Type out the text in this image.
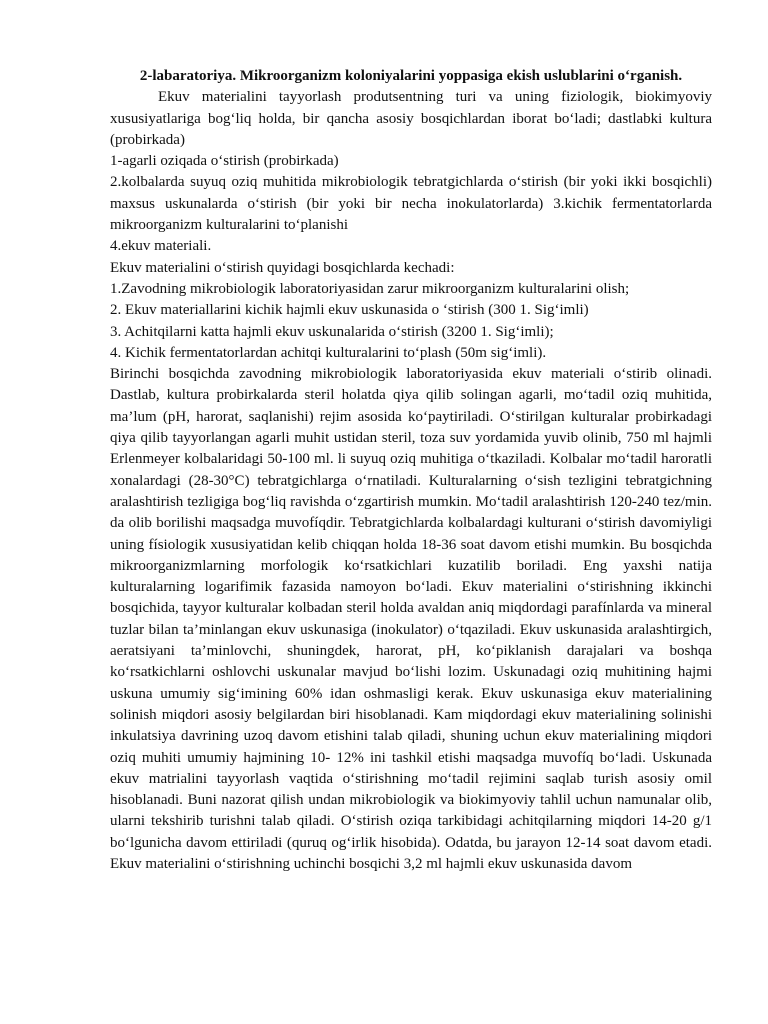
2-labaratoriya. Mikroorganizm koloniyalarini yoppasiga ekish uslublarini o‘rganish.

Ekuv materialini tayyorlash produtsentning turi va uning fiziologik, biokimyoviy xususiyatlariga bog‘liq holda, bir qancha asosiy bosqichlardan iborat bo‘ladi; dastlabki kultura (probirkada)

1-agarli oziqada o‘stirish (probirkada)

2.kolbalarda suyuq oziq muhitida mikrobiologik tebratgichlarda o‘stirish (bir yoki ikki bosqichli) maxsus uskunalarda o‘stirish (bir yoki bir necha inokulatorlarda) 3.kichik fermentatorlarda mikroorganizm kulturalarini to‘planishi

4.ekuv materiali.

Ekuv materialini o‘stirish quyidagi bosqichlarda kechadi:

1.Zavodning mikrobiologik laboratoriyasidan zarur mikroorganizm kulturalarini olish;

2. Ekuv materiallarini kichik hajmli ekuv uskunasida o ‘stirish (300 1. Sig‘imli)

3. Achitqilarni katta hajmli ekuv uskunalarida o‘stirish (3200 1. Sig‘imli);

4. Kichik fermentatorlardan achitqi kulturalarini to‘plash (50m sig‘imli).

Birinchi bosqichda zavodning mikrobiologik laboratoriyasida ekuv materiali o‘stirib olinadi. Dastlab, kultura probirkalarda steril holatda qiya qilib solingan agarli, mo‘tadil oziq muhitida, ma’lum (pH, harorat, saqlanishi) rejim asosida ko‘paytiriladi. O‘stirilgan kulturalar probirkadagi qiya qilib tayyorlangan agarli muhit ustidan steril, toza suv yordamida yuvib olinib, 750 ml hajmli Erlenmeyer kolbalaridagi 50-100 ml. li suyuq oziq muhitiga o‘tkaziladi. Kolbalar mo‘tadil haroratli xonalardagi (28-30°C) tebratgichlarga o‘rnatiladi. Kulturalarning o‘sish tezligini tebratgichning aralashtirish tezligiga bog‘liq ravishda o‘zgartirish mumkin. Mo‘tadil aralashtirish 120-240 tez/min. da olib borilishi maqsadga muvofíqdir. Tebratgichlarda kolbalardagi kulturani o‘stirish davomiyligi uning físiologik xususiyatidan kelib chiqqan holda 18-36 soat davom etishi mumkin. Bu bosqichda mikroorganizmlarning morfologik ko‘rsatkichlari kuzatilib boriladi. Eng yaxshi natija kulturalarning logarifimik fazasida namoyon bo‘ladi. Ekuv materialini o‘stirishning ikkinchi bosqichida, tayyor kulturalar kolbadan steril holda avaldan aniq miqdordagi parafínlarda va mineral tuzlar bilan ta’minlangan ekuv uskunasiga (inokulator) o‘tqaziladi. Ekuv uskunasida aralashtirgich, aeratsiyani ta’minlovchi, shuningdek, harorat, pH, ko‘piklanish darajalari va boshqa ko‘rsatkichlarni oshlovchi uskunalar mavjud bo‘lishi lozim. Uskunadagi oziq muhitining hajmi uskuna umumiy sig‘imining 60% idan oshmasligi kerak. Ekuv uskunasiga ekuv materialining solinish miqdori asosiy belgilardan biri hisoblanadi. Kam miqdordagi ekuv materialining solinishi inkulatsiya davrining uzoq davom etishini talab qiladi, shuning uchun ekuv materialining miqdori oziq muhiti umumiy hajmining 10- 12% ini tashkil etishi maqsadga muvofíq bo‘ladi. Uskunada ekuv matrialini tayyorlash vaqtida o‘stirishning mo‘tadil rejimini saqlab turish asosiy omil hisoblanadi. Buni nazorat qilish undan mikrobiologik va biokimyoviy tahlil uchun namunalar olib, ularni tekshirib turishni talab qiladi. O‘stirish oziqa tarkibidagi achitqilarning miqdori 14-20 g/1 bo‘lgunicha davom ettiriladi (quruq og‘irlik hisobida). Odatda, bu jarayon 12-14 soat davom etadi. Ekuv materialini o‘stirishning uchinchi bosqichi 3,2 ml hajmli ekuv uskunasida davom
